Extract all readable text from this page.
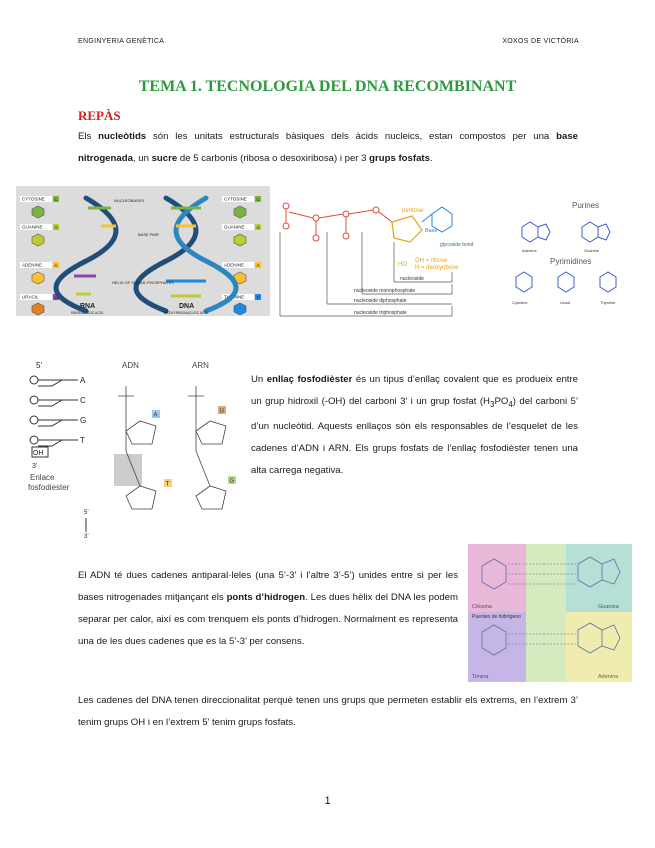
ENGINYERIA GENÈTICA	XOXOS DE VICTÒRIA
TEMA 1. TECNOLOGIA DEL DNA RECOMBINANT
REPÀS
Els nucleòtids són les unitats estructurals bàsiques dels àcids nucleics, estan compostos per una base nitrogenada, un sucre de 5 carbonis (ribosa o desoxiribosa) i per 3 grups fosfats.
CYTOSINE C
GUANINE	G
ADENINE	A
URACIL	U
CYTOSINE C
GUANINE	G
ADENINE	A
THYMINE	T
NUCLEOBASES
BASE PAIR
HELIX OF SUGAR-PHOSPHATES
RNA
RIBONUCLEIC ACID
DNA
DEOXYRIBONUCLEIC ACID
pentose
Base
glycoside bond
HO
OH = ribose
H = deoxyribose
nucleoside
nucleoside monophosphate
nucleoside diphosphate
nucleoside triphosphate
Purines
Adenine	Guanine
Pyrimidines
Cytosine	Uracil	Thymine
Un enllaç fosfodièster és un tipus d’enllaç covalent que es produeix entre un grup hidroxil (-OH) del carboni 3’ i un grup fosfat $(H_3PO_4)$ del carboni 5’ d’un nucleòtid. Aquests enllaços són els responsables de l’esquelet de les cadenes d’ADN i ARN. Els grups fosfats de l’enllaç fosfodièster tenen una alta carrega negativa.
5’
A
C
G
T
OH
3’
Enlace
fosfodiester
ADN	ARN
A
T
U
G
5’
3’
El ADN té dues cadenes antiparal·leles (una 5’-3’ i l’altre 3’-5’) unides entre si per les bases nitrogenades mitjançant els ponts d’hidrogen. Les dues hèlix del DNA les podem separar per calor, així es com trenquem els ponts d’hidrogen. Normalment es representa una de les dues cadenes que es la 5’-3’ per consens.
Citosina	Guanina
Puentes de hidrógeno
Timina	Adenina
Les cadenes del DNA tenen direccionalitat perquè tenen uns grups que permeten establir els extrems, en l’extrem 3’ tenim grups OH i en l’extrem 5’ tenim grups fosfats.
1
